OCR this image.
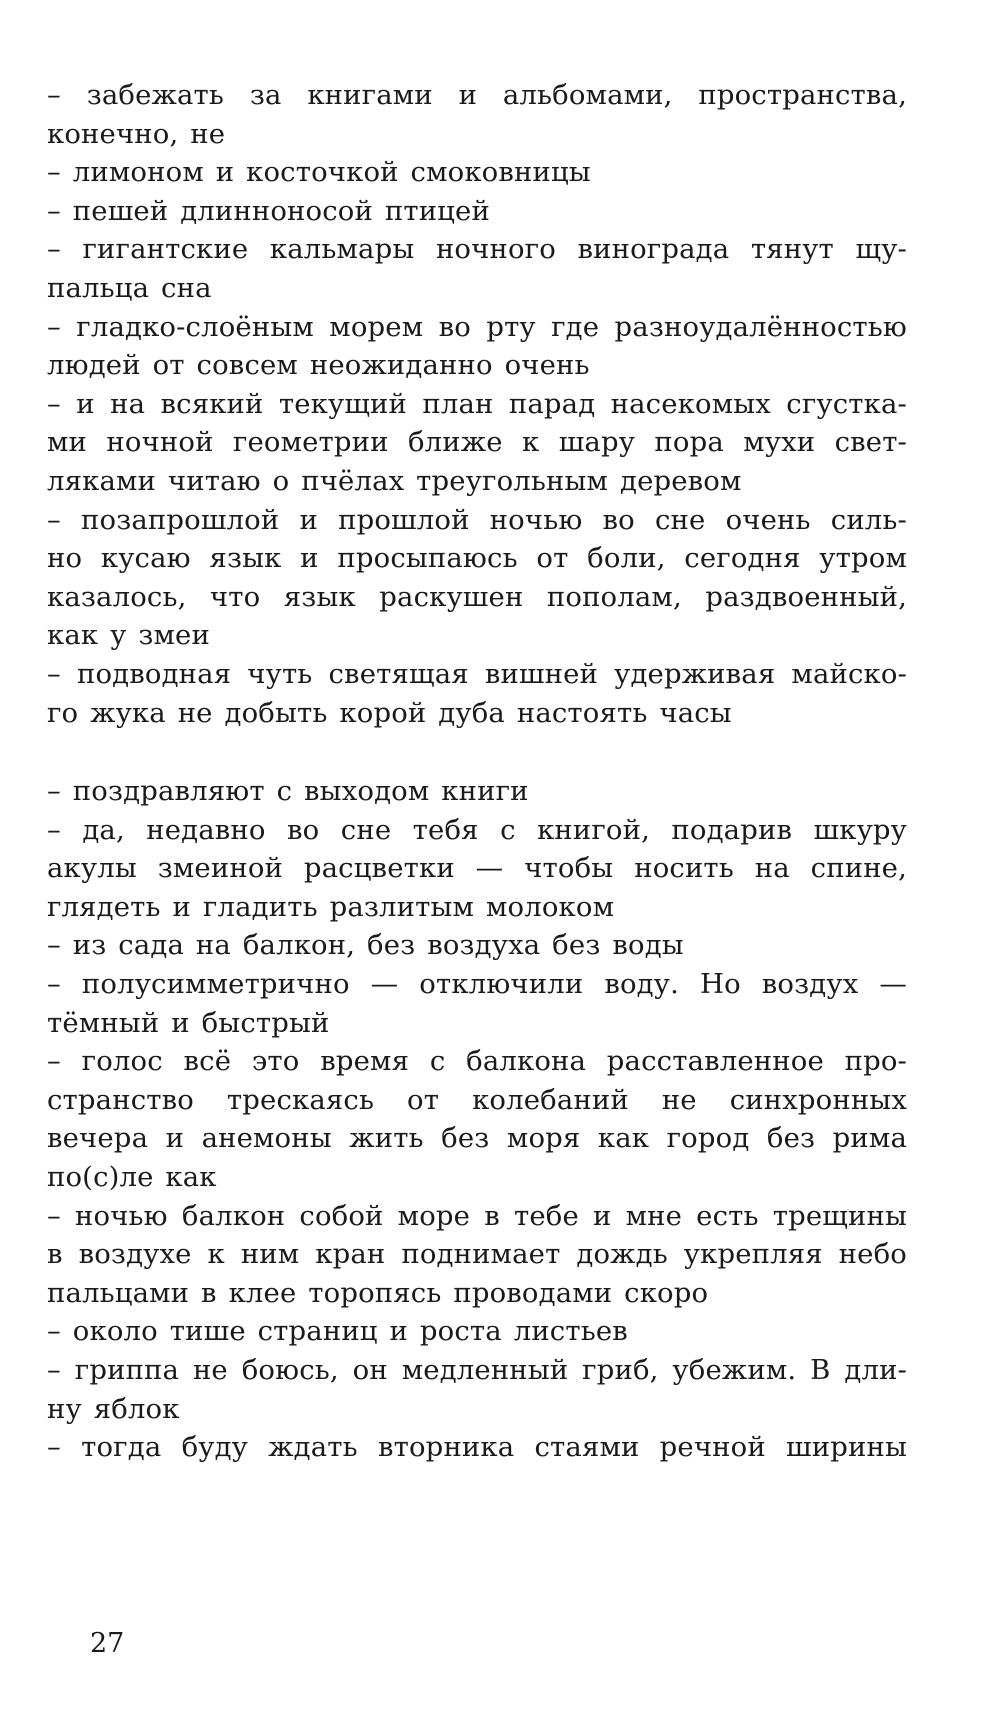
– забежать за книгами и альбомами, пространства,
конечно, не
– лимоном и косточкой смоковницы
– пешей длинноносой птицей
– гигантские кальмары ночного винограда тянут щу-
пальца сна
– гладко-слоёным морем во рту где разноудалённостью
людей от совсем неожиданно очень
– и на всякий текущий план парад насекомых сгустка-
ми ночной геометрии ближе к шару пора мухи свет-
ляками читаю о пчёлах треугольным деревом
– позапрошлой и прошлой ночью во сне очень силь-
но кусаю язык и просыпаюсь от боли, сегодня утром
казалось, что язык раскушен пополам, раздвоенный,
как у змеи
– подводная чуть светящая вишней удерживая майско-
го жука не добыть корой дуба настоять часы
– поздравляют с выходом книги
– да, недавно во сне тебя с книгой, подарив шкуру
акулы змеиной расцветки — чтобы носить на спине,
глядеть и гладить разлитым молоком
– из сада на балкон, без воздуха без воды
– полусимметрично — отключили воду. Но воздух —
тёмный и быстрый
– голос всё это время с балкона расставленное про-
странство трескаясь от колебаний не синхронных
вечера и анемоны жить без моря как город без рима
по(с)ле как
– ночью балкон собой море в тебе и мне есть трещины
в воздухе к ним кран поднимает дождь укрепляя небо
пальцами в клее торопясь проводами скоро
– около тише страниц и роста листьев
– гриппа не боюсь, он медленный гриб, убежим. В дли-
ну яблок
– тогда буду ждать вторника стаями речной ширины
27
